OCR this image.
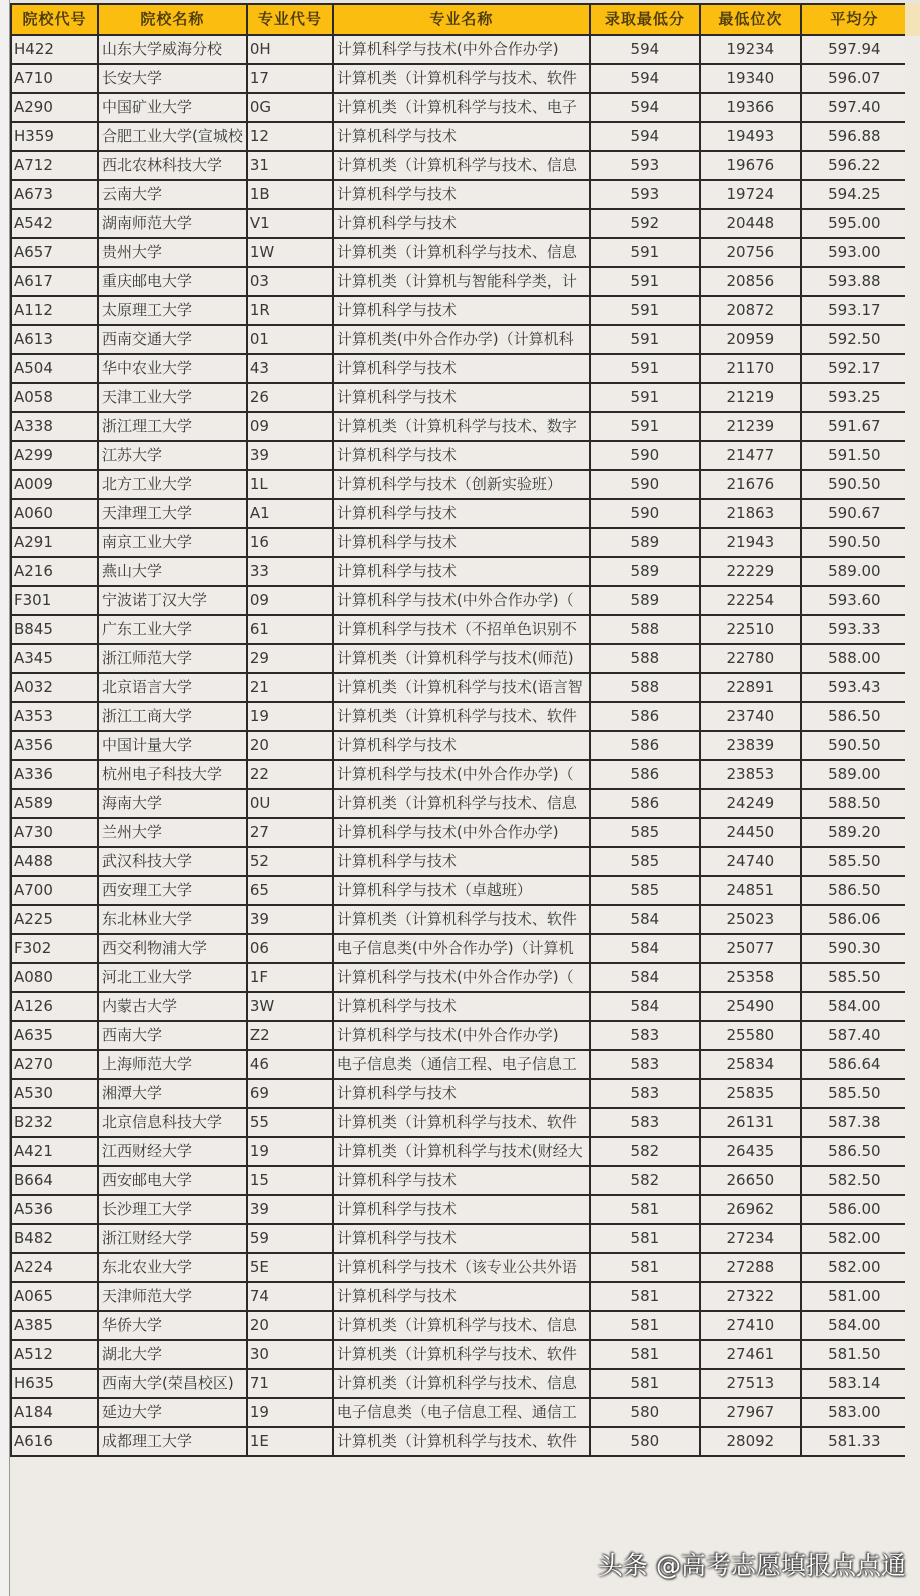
院校代号	院校名称	专业代号	专业名称	录取最低分	最低位次	平均分
H422	山东大学威海分校	0H	计算机科学与技术(中外合作办学)	594	19234	597.94
A710	长安大学	17	计算机类（计算机科学与技术、软件	594	19340	596.07
A290	中国矿业大学	0G	计算机类（计算机科学与技术、电子	594	19366	597.40
H359	合肥工业大学(宣城校	12	计算机科学与技术	594	19493	596.88
A712	西北农林科技大学	31	计算机类（计算机科学与技术、信息	593	19676	596.22
A673	云南大学	1B	计算机科学与技术	593	19724	594.25
A542	湖南师范大学	V1	计算机科学与技术	592	20448	595.00
A657	贵州大学	1W	计算机类（计算机科学与技术、信息	591	20756	593.00
A617	重庆邮电大学	03	计算机类（计算机与智能科学类，计	591	20856	593.88
A112	太原理工大学	1R	计算机科学与技术	591	20872	593.17
A613	西南交通大学	01	计算机类(中外合作办学)（计算机科	591	20959	592.50
A504	华中农业大学	43	计算机科学与技术	591	21170	592.17
A058	天津工业大学	26	计算机科学与技术	591	21219	593.25
A338	浙江理工大学	09	计算机类（计算机科学与技术、数字	591	21239	591.67
A299	江苏大学	39	计算机科学与技术	590	21477	591.50
A009	北方工业大学	1L	计算机科学与技术（创新实验班）	590	21676	590.50
A060	天津理工大学	A1	计算机科学与技术	590	21863	590.67
A291	南京工业大学	16	计算机科学与技术	589	21943	590.50
A216	燕山大学	33	计算机科学与技术	589	22229	589.00
F301	宁波诺丁汉大学	09	计算机科学与技术(中外合作办学)（	589	22254	593.60
B845	广东工业大学	61	计算机科学与技术（不招单色识别不	588	22510	593.33
A345	浙江师范大学	29	计算机类（计算机科学与技术(师范)	588	22780	588.00
A032	北京语言大学	21	计算机类（计算机科学与技术(语言智	588	22891	593.43
A353	浙江工商大学	19	计算机类（计算机科学与技术、软件	586	23740	586.50
A356	中国计量大学	20	计算机科学与技术	586	23839	590.50
A336	杭州电子科技大学	22	计算机科学与技术(中外合作办学)（	586	23853	589.00
A589	海南大学	0U	计算机类（计算机科学与技术、信息	586	24249	588.50
A730	兰州大学	27	计算机科学与技术(中外合作办学)	585	24450	589.20
A488	武汉科技大学	52	计算机科学与技术	585	24740	585.50
A700	西安理工大学	65	计算机科学与技术（卓越班）	585	24851	586.50
A225	东北林业大学	39	计算机类（计算机科学与技术、软件	584	25023	586.06
F302	西交利物浦大学	06	电子信息类(中外合作办学)（计算机	584	25077	590.30
A080	河北工业大学	1F	计算机科学与技术(中外合作办学)（	584	25358	585.50
A126	内蒙古大学	3W	计算机科学与技术	584	25490	584.00
A635	西南大学	Z2	计算机科学与技术(中外合作办学)	583	25580	587.40
A270	上海师范大学	46	电子信息类（通信工程、电子信息工	583	25834	586.64
A530	湘潭大学	69	计算机科学与技术	583	25835	585.50
B232	北京信息科技大学	55	计算机类（计算机科学与技术、软件	583	26131	587.38
A421	江西财经大学	19	计算机类（计算机科学与技术(财经大	582	26435	586.50
B664	西安邮电大学	15	计算机科学与技术	582	26650	582.50
A536	长沙理工大学	39	计算机科学与技术	581	26962	586.00
B482	浙江财经大学	59	计算机科学与技术	581	27234	582.00
A224	东北农业大学	5E	计算机科学与技术（该专业公共外语	581	27288	582.00
A065	天津师范大学	74	计算机科学与技术	581	27322	581.00
A385	华侨大学	20	计算机类（计算机科学与技术、信息	581	27410	584.00
A512	湖北大学	30	计算机类（计算机科学与技术、软件	581	27461	581.50
H635	西南大学(荣昌校区)	71	计算机类（计算机科学与技术、信息	581	27513	583.14
A184	延边大学	19	电子信息类（电子信息工程、通信工	580	27967	583.00
A616	成都理工大学	1E	计算机类（计算机科学与技术、软件	580	28092	581.33
头条 @高考志愿填报点点通
